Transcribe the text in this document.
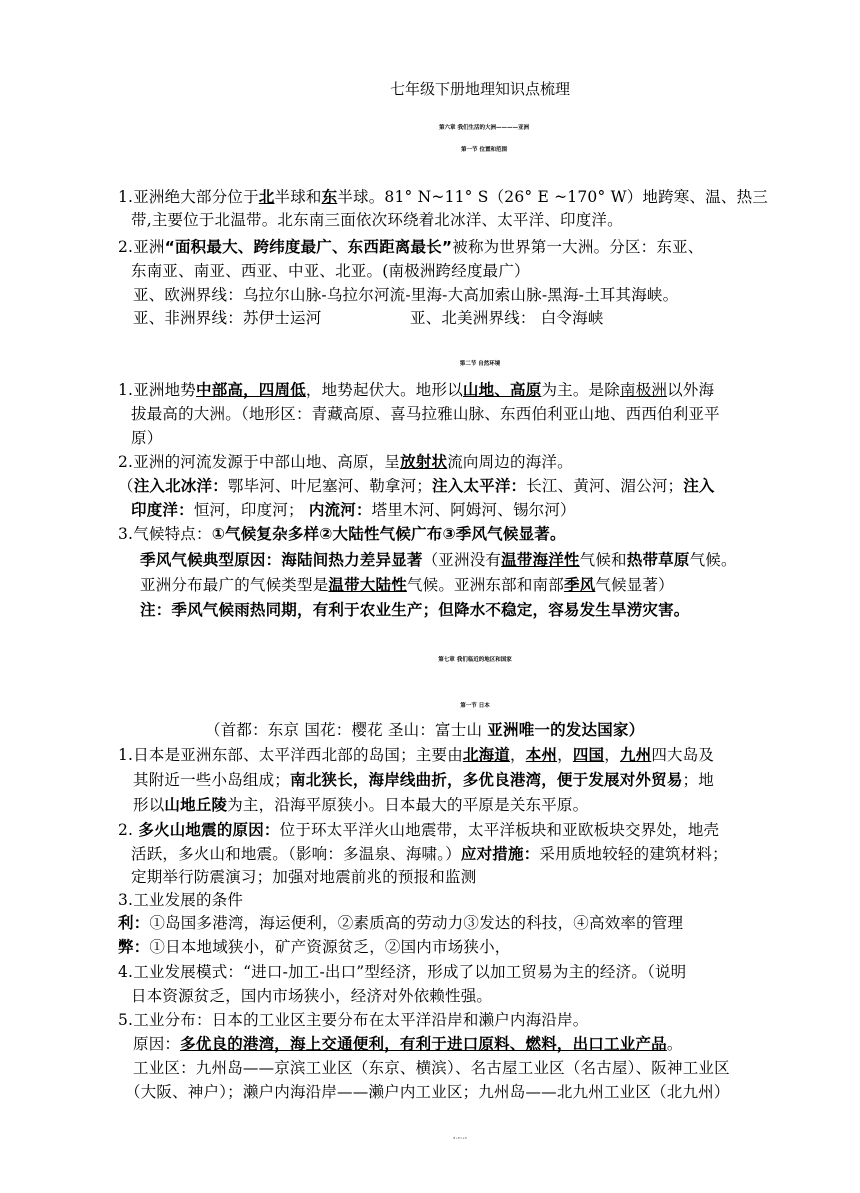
七年级下册地理知识点梳理
第六章 我们生活的大洲————亚洲
第一节 位置和范围
1.亚洲绝大部分位于北半球和东半球。81° N~11° S（26° E ~170° W）地跨寒、温、热三
带,主要位于北温带。北东南三面依次环绕着北冰洋、太平洋、印度洋。
2.亚洲“面积最大、跨纬度最广、东西距离最长”被称为世界第一大洲。分区：东亚、
东南亚、南亚、西亚、中亚、北亚。(南极洲跨经度最广）
亚、欧洲界线：乌拉尔山脉-乌拉尔河流-里海-大高加索山脉-黑海-土耳其海峡。
亚、非洲界线：苏伊士运河	亚、北美洲界线： 白令海峡
第二节 自然环境
1.亚洲地势中部高，四周低，地势起伏大。地形以山地、高原为主。是除南极洲以外海
拔最高的大洲。（地形区：青藏高原、喜马拉雅山脉、东西伯利亚山地、西西伯利亚平
原）
2.亚洲的河流发源于中部山地、高原，呈放射状流向周边的海洋。
（注入北冰洋：鄂毕河、叶尼塞河、勒拿河；注入太平洋：长江、黄河、湄公河；注入
印度洋：恒河，印度河； 内流河：塔里木河、阿姆河、锡尔河）
3.气候特点：①气候复杂多样②大陆性气候广布③季风气候显著。
季风气候典型原因：海陆间热力差异显著（亚洲没有温带海洋性气候和热带草原气候。
亚洲分布最广的气候类型是温带大陆性气候。亚洲东部和南部季风气候显著）
注：季风气候雨热同期，有利于农业生产；但降水不稳定，容易发生旱涝灾害。
第七章 我们临近的地区和国家
第一节 日本
（首都：东京 国花：樱花 圣山：富士山 亚洲唯一的发达国家）
1.日本是亚洲东部、太平洋西北部的岛国；主要由北海道，本州，四国，九州四大岛及
其附近一些小岛组成；南北狭长，海岸线曲折，多优良港湾，便于发展对外贸易；地
形以山地丘陵为主，沿海平原狭小。日本最大的平原是关东平原。
2. 多火山地震的原因：位于环太平洋火山地震带，太平洋板块和亚欧板块交界处，地壳
活跃，多火山和地震。（影响：多温泉、海啸。）应对措施：采用质地较轻的建筑材料；
定期举行防震演习；加强对地震前兆的预报和监测
3.工业发展的条件
利：①岛国多港湾，海运便利，②素质高的劳动力③发达的科技，④高效率的管理
弊：①日本地域狭小，矿产资源贫乏，②国内市场狭小，
4.工业发展模式：“进口-加工-出口”型经济，形成了以加工贸易为主的经济。（说明
日本资源贫乏，国内市场狭小，经济对外依赖性强。
5.工业分布：日本的工业区主要分布在太平洋沿岸和濑户内海沿岸。
原因：多优良的港湾，海上交通便利，有利于进口原料、燃料，出口工业产品。
工业区：九州岛——京滨工业区（东京、横滨）、名古屋工业区（名古屋）、阪神工业区
（大阪、神户）；濑户内海沿岸——濑户内工业区；九州岛——北九州工业区（北九州）
第 1 页 共 8 页
